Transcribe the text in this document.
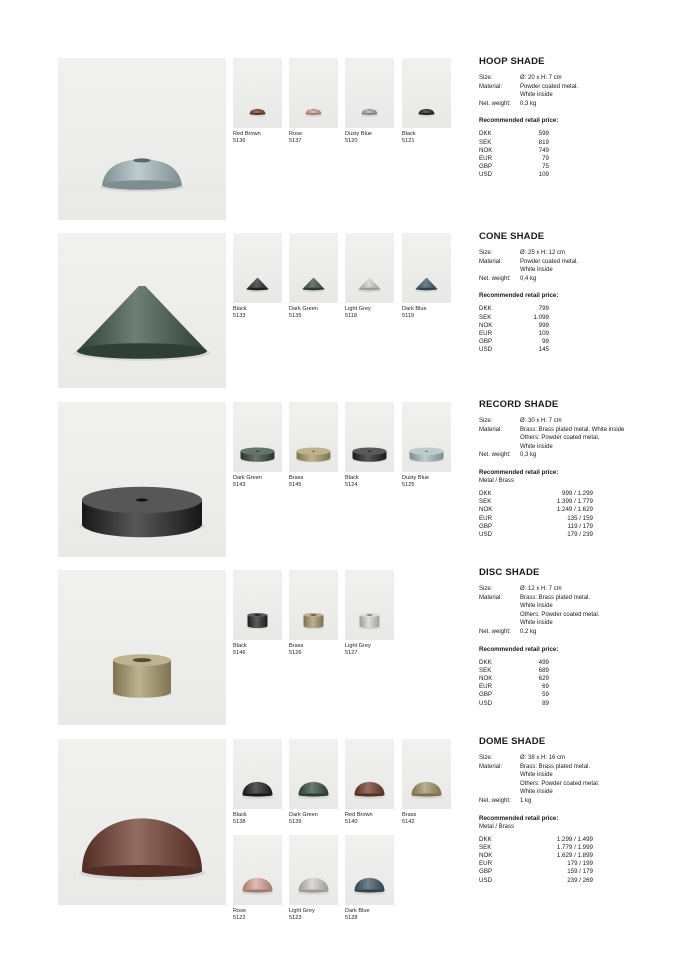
Red Brown
5136
Rose
5137
Dusty Blue
5120
Black
5121
HOOP SHADE
Size:	Ø: 20 x H: 7 cm
Material:	Powder coated metal.
White inside
Net. weight:	0,3 kg
Recommended retail price:
DKK	599
SEK	819
NOK	749
EUR	79
GBP	75
USD	109
Black
5133
Dark Green
5135
Light Grey
5118
Dark Blue
5119
CONE SHADE
Size:	Ø: 25 x H: 12 cm
Material:	Powder coated metal.
White inside
Net. weight:	0,4 kg
Recommended retail price:
DKK	799
SEK	1.099
NOK	999
EUR	109
GBP	99
USD	145
Dark Green
5143
Brass
5145
Black
5124
Dusty Blue
5125
RECORD SHADE
Size:	Ø: 30 x H: 7 cm
Material:	Brass: Brass plated metal. White inside
Others: Powder coated metal.
White inside
Net. weight:	0,3 kg
Recommended retail price:
Metal / Brass
DKK	999 / 1.299
SEK	1.399 / 1.779
NOK	1.249 / 1.629
EUR	135 / 159
GBP	119 / 179
USD	179 / 239
Black
5146
Brass
5126
Light Grey
5127
DISC SHADE
Size:	Ø: 12 x H: 7 cm
Material:	Brass: Brass plated metal.
White inside
Others: Powder coated metal.
White inside
Net. weight:	0,2 kg
Recommended retail price:
DKK	499
SEK	689
NOK	629
EUR	69
GBP	59
USD	89
Black
5138
Dark Green
5139
Red Brown
5140
Brass
5142
Rose
5122
Light Grey
5123
Dark Blue
5128
DOME SHADE
Size:	Ø: 38 x H: 16 cm
Material:	Brass: Brass plated metal.
White inside
Others: Powder coated metal.
White inside
Net. weight:	1 kg
Recommended retail price:
Metal / Brass
DKK	1.299 / 1.499
SEK	1.779 / 1.999
NOK	1.629 / 1.899
EUR	179 / 199
GBP	159 / 179
USD	239 / 269
